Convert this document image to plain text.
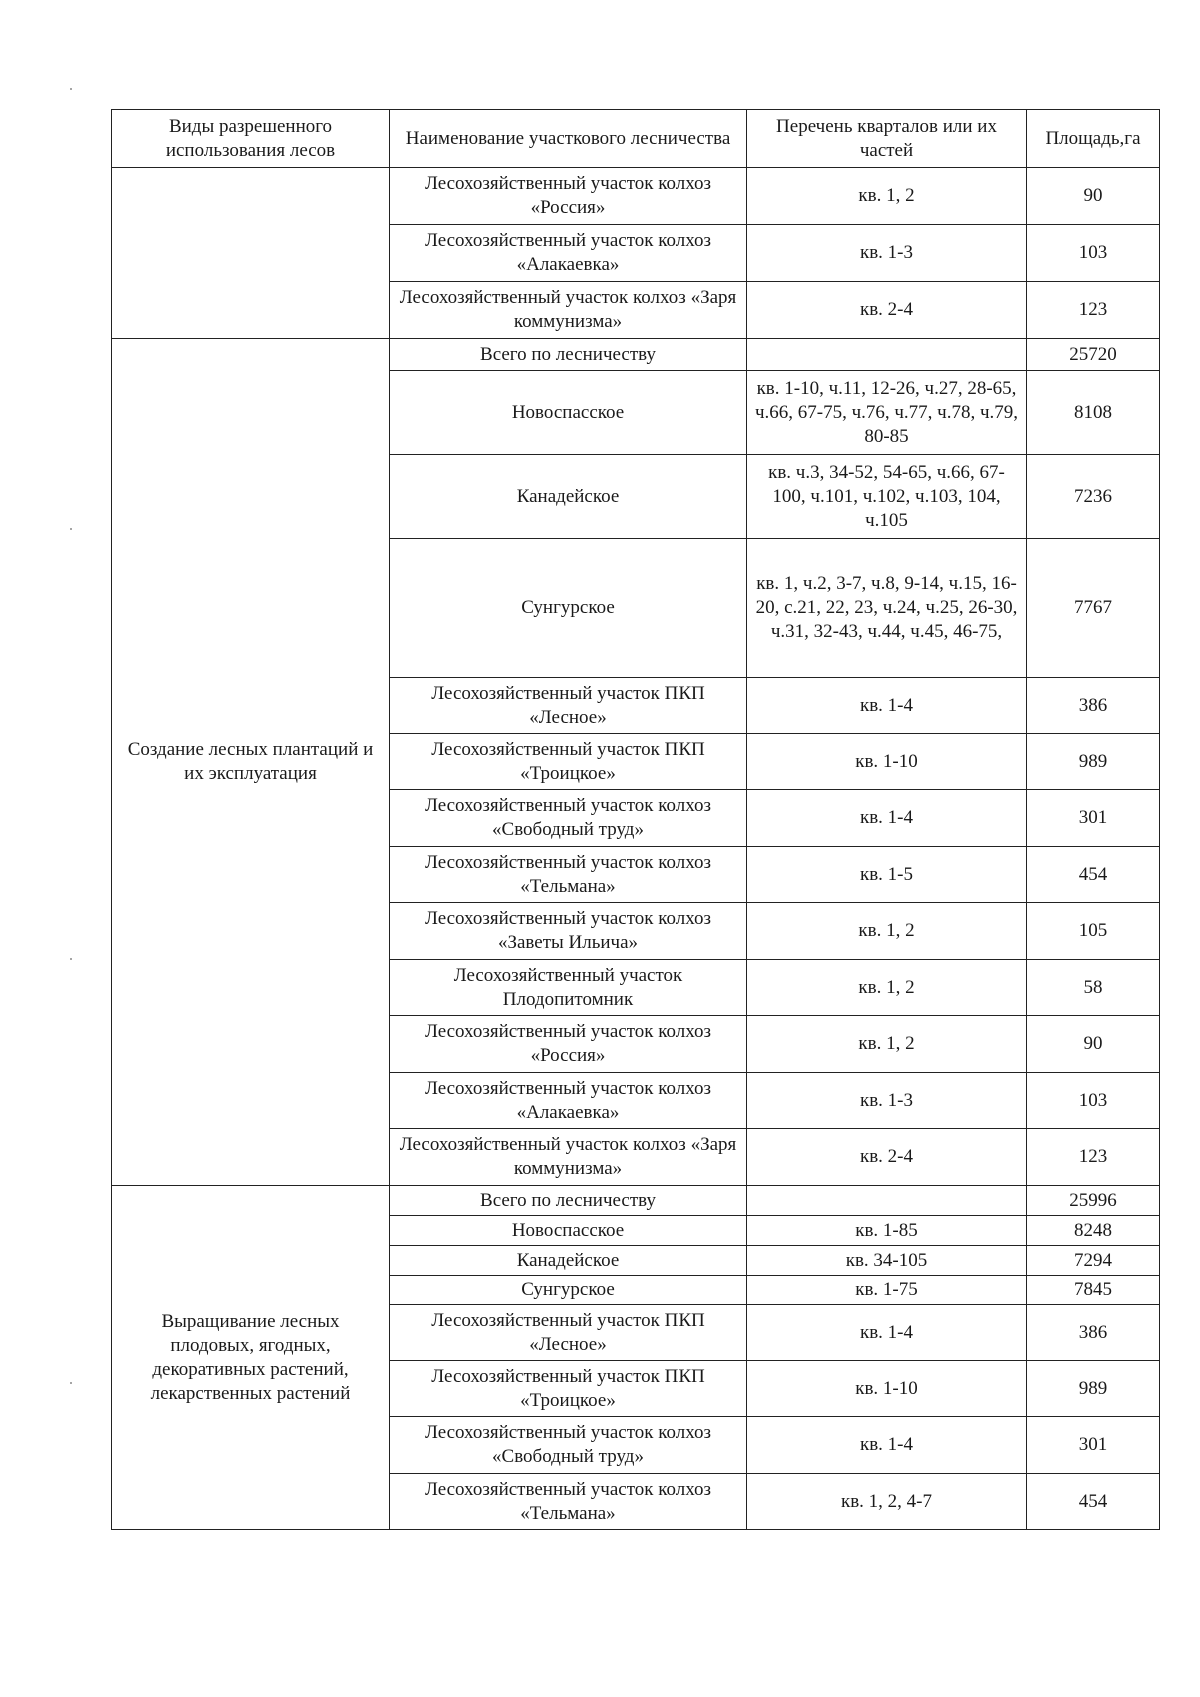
Виды разрешенного использования лесов	Наименование участкового лесничества	Перечень кварталов или их частей	Площадь,га
	Лесохозяйственный участок колхоз «Россия»	кв. 1, 2	90
	Лесохозяйственный участок колхоз «Алакаевка»	кв. 1-3	103
	Лесохозяйственный участок колхоз «Заря коммунизма»	кв. 2-4	123
Создание лесных плантаций и их эксплуатация	Всего по лесничеству		25720
	Новоспасское	кв. 1-10, ч.11, 12-26, ч.27, 28-65, ч.66, 67-75, ч.76, ч.77, ч.78, ч.79, 80-85	8108
	Канадейское	кв. ч.3, 34-52, 54-65, ч.66, 67-100, ч.101, ч.102, ч.103, 104, ч.105	7236
	Сунгурское	кв. 1, ч.2, 3-7, ч.8, 9-14, ч.15, 16-20, с.21, 22, 23, ч.24, ч.25, 26-30, ч.31, 32-43, ч.44, ч.45, 46-75,	7767
	Лесохозяйственный участок ПКП «Лесное»	кв. 1-4	386
	Лесохозяйственный участок ПКП «Троицкое»	кв. 1-10	989
	Лесохозяйственный участок колхоз «Свободный труд»	кв. 1-4	301
	Лесохозяйственный участок колхоз «Тельмана»	кв. 1-5	454
	Лесохозяйственный участок колхоз «Заветы Ильича»	кв. 1, 2	105
	Лесохозяйственный участок Плодопитомник	кв. 1, 2	58
	Лесохозяйственный участок колхоз «Россия»	кв. 1, 2	90
	Лесохозяйственный участок колхоз «Алакаевка»	кв. 1-3	103
	Лесохозяйственный участок колхоз «Заря коммунизма»	кв. 2-4	123
Выращивание лесных плодовых, ягодных, декоративных растений, лекарственных растений	Всего по лесничеству		25996
	Новоспасское	кв. 1-85	8248
	Канадейское	кв. 34-105	7294
	Сунгурское	кв. 1-75	7845
	Лесохозяйственный участок ПКП «Лесное»	кв. 1-4	386
	Лесохозяйственный участок ПКП «Троицкое»	кв. 1-10	989
	Лесохозяйственный участок колхоз «Свободный труд»	кв. 1-4	301
	Лесохозяйственный участок колхоз «Тельмана»	кв. 1, 2, 4-7	454
